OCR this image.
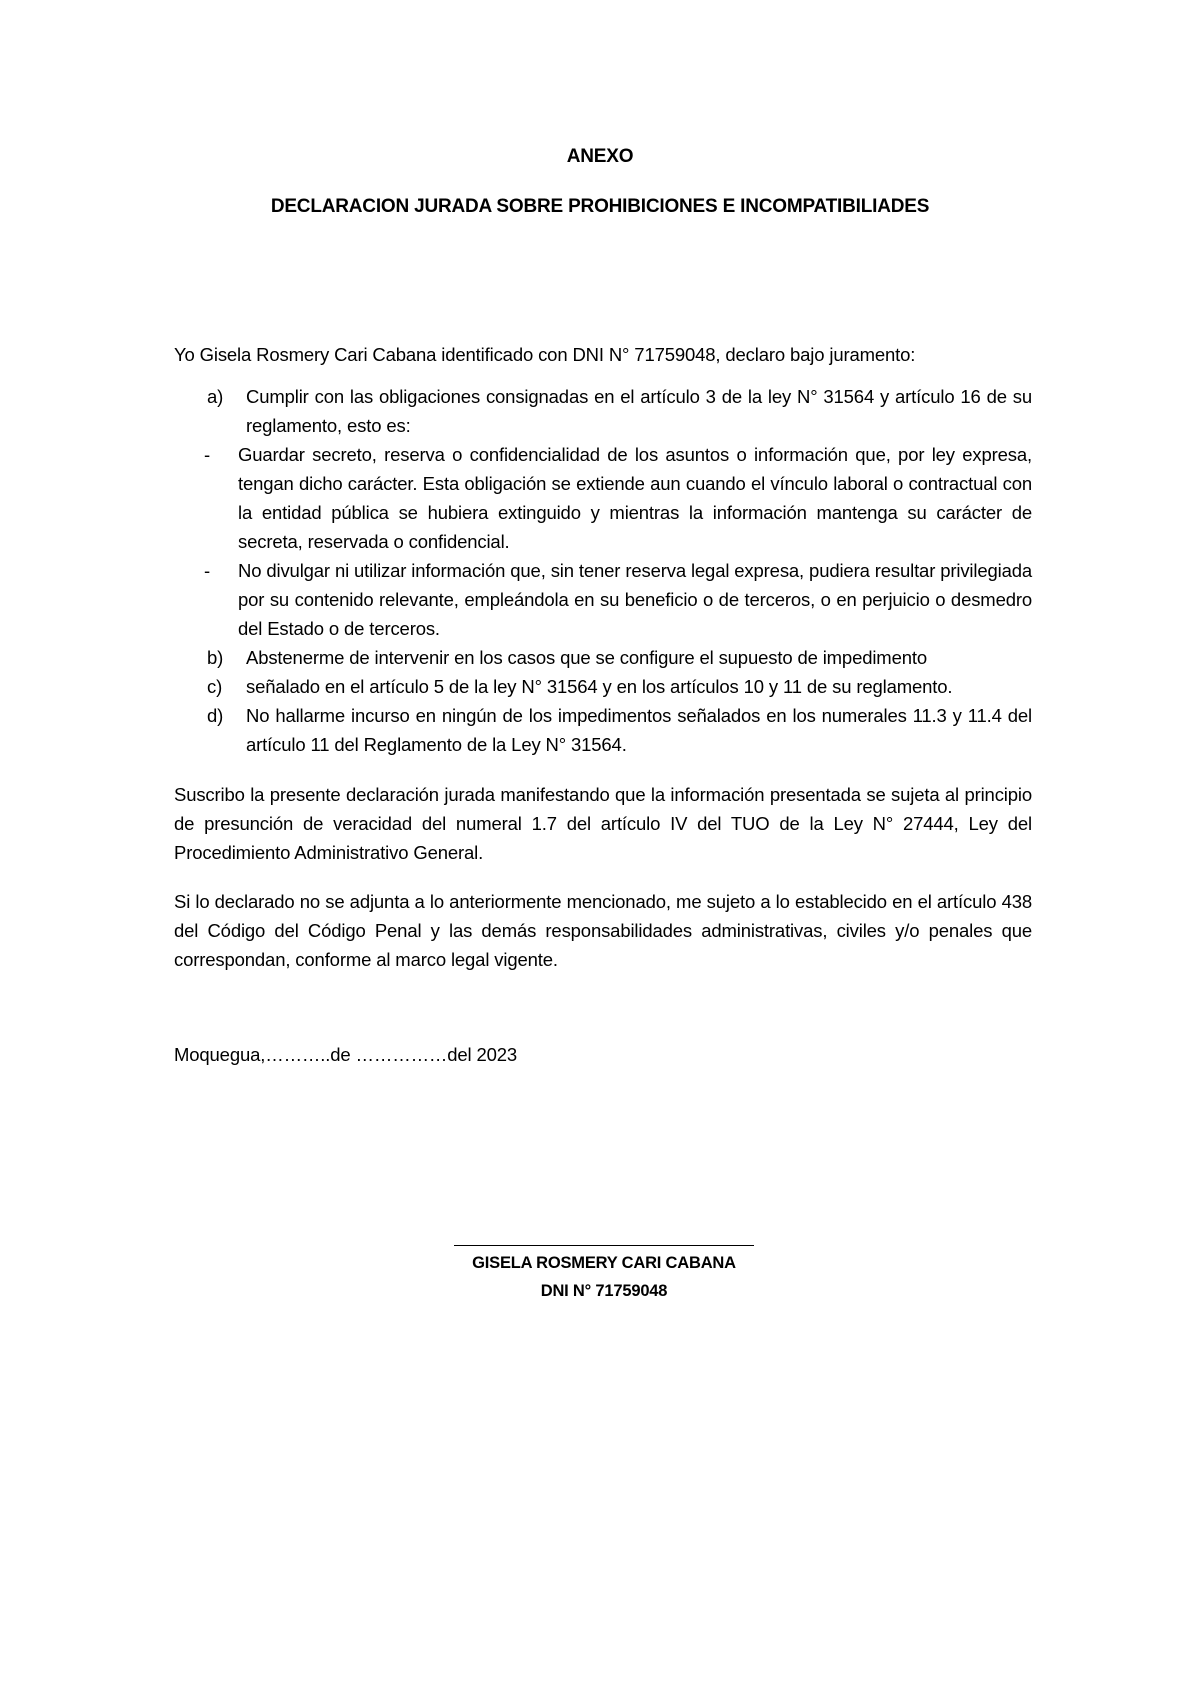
ANEXO

DECLARACION JURADA SOBRE PROHIBICIONES E INCOMPATIBILIADES

Yo Gisela Rosmery Cari Cabana identificado con DNI N° 71759048, declaro bajo juramento:

a) Cumplir con las obligaciones consignadas en el artículo 3 de la ley N° 31564 y artículo 16 de su reglamento, esto es:
- Guardar secreto, reserva o confidencialidad de los asuntos o información que, por ley expresa, tengan dicho carácter. Esta obligación se extiende aun cuando el vínculo laboral o contractual con la entidad pública se hubiera extinguido y mientras la información mantenga su carácter de secreta, reservada o confidencial.
- No divulgar ni utilizar información que, sin tener reserva legal expresa, pudiera resultar privilegiada por su contenido relevante, empleándola en su beneficio o de terceros, o en perjuicio o desmedro del Estado o de terceros.
b) Abstenerme de intervenir en los casos que se configure el supuesto de impedimento
c) señalado en el artículo 5 de la ley N° 31564 y en los artículos 10 y 11 de su reglamento.
d) No hallarme incurso en ningún de los impedimentos señalados en los numerales 11.3 y 11.4 del artículo 11 del Reglamento de la Ley N° 31564.

Suscribo la presente declaración jurada manifestando que la información presentada se sujeta al principio de presunción de veracidad del numeral 1.7 del artículo IV del TUO de la Ley N° 27444, Ley del Procedimiento Administrativo General.

Si lo declarado no se adjunta a lo anteriormente mencionado, me sujeto a lo establecido en el artículo 438 del Código del Código Penal y las demás responsabilidades administrativas, civiles y/o penales que correspondan, conforme al marco legal vigente.

Moquegua,………..de ……………del 2023

GISELA ROSMERY CARI CABANA

DNI N° 71759048
